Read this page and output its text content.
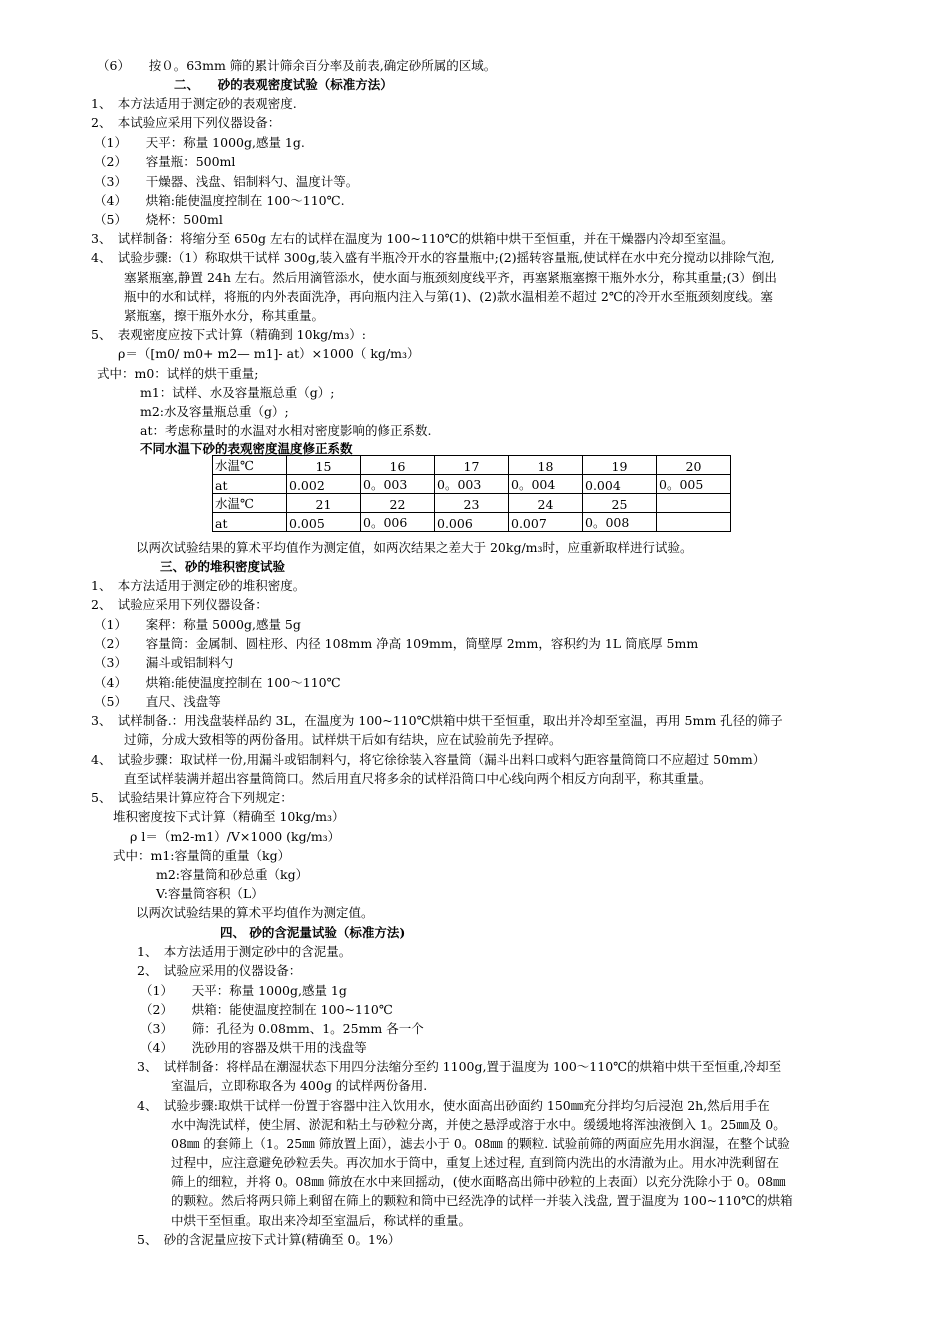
（6）　　按０。63mm 筛的累计筛余百分率及前表,确定砂所属的区域。
二、　　砂的表观密度试验（标准方法）
1、　本方法适用于测定砂的表观密度.
2、　本试验应采用下列仪器设备：
（1）　　天平：称量 1000g,感量 1g.
（2）　　容量瓶：500ml
（3）　　干燥器、浅盘、铝制料勺、温度计等。
（4）　　烘箱:能使温度控制在 100～110℃.
（5）　　烧杯：500ml
3、　试样制备：将缩分至 650g 左右的试样在温度为 100~110℃的烘箱中烘干至恒重，并在干燥器内冷却至室温。
4、　试验步骤:（1）称取烘干试样 300g,装入盛有半瓶冷开水的容量瓶中;(2)摇转容量瓶,使试样在水中充分搅动以排除气泡,
塞紧瓶塞,静置 24h 左右。然后用滴管添水，使水面与瓶颈刻度线平齐，再塞紧瓶塞擦干瓶外水分，称其重量;(3）倒出
瓶中的水和试样，将瓶的内外表面洗净，再向瓶内注入与第(1)、(2)款水温相差不超过 2℃的冷开水至瓶颈刻度线。塞
紧瓶塞，擦干瓶外水分，称其重量。
5、　表观密度应按下式计算（精确到 10kg/m₃）:
ρ＝（[m0/ m0+ m2— m1]- at）×1000（ kg/m₃）
式中：m0：试样的烘干重量;
m1：试样、水及容量瓶总重（g）;
m2:水及容量瓶总重（g）;
at：考虑称量时的水温对水相对密度影响的修正系数.
不同水温下砂的表观密度温度修正系数
水温℃	15	16	17	18	19	20
at	0.002	0。003	0。003	0。004	0.004	0。005
水温℃	21	22	23	24	25	
at	0.005	0。006	0.006	0.007	0。008	
以两次试验结果的算术平均值作为测定值，如两次结果之差大于 20kg/m₃时，应重新取样进行试验。
三、砂的堆积密度试验
1、　本方法适用于测定砂的堆积密度。
2、　试验应采用下列仪器设备：
（1）　　案秤：称量 5000g,感量 5g
（2）　　容量筒：金属制、圆柱形、内径 108mm 净高 109mm，筒壁厚 2mm，容积约为 1L 筒底厚 5mm
（3）　　漏斗或铝制料勺
（4）　　烘箱:能使温度控制在 100～110℃
（5）　　直尺、浅盘等
3、　试样制备.：用浅盘装样品约 3L，在温度为 100~110℃烘箱中烘干至恒重，取出并冷却至室温，再用 5mm 孔径的筛子
过筛，分成大致相等的两份备用。试样烘干后如有结块，应在试验前先予捏碎。
4、　试验步骤：取试样一份,用漏斗或铝制料勺，将它徐徐装入容量筒（漏斗出料口或料勺距容量筒筒口不应超过 50mm）
直至试样装满并超出容量筒筒口。然后用直尺将多余的试样沿筒口中心线向两个相反方向刮平，称其重量。
5、　试验结果计算应符合下列规定：
堆积密度按下式计算（精确至 10kg/m₃）
ρ l＝（m2-m1）/V×1000 (kg/m₃）
式中：m1:容量筒的重量（kg）
m2:容量筒和砂总重（kg）
V:容量筒容积（L）
以两次试验结果的算术平均值作为测定值。
四、 砂的含泥量试验（标准方法)
1、　本方法适用于测定砂中的含泥量。
2、　试验应采用的仪器设备：
（1）　　天平：称量 1000g,感量 1g
（2）　　烘箱：能使温度控制在 100~110℃
（3）　　筛：孔径为 0.08mm、1。25mm 各一个
（4）　　洗砂用的容器及烘干用的浅盘等
3、　试样制备：将样品在潮湿状态下用四分法缩分至约 1100g,置于温度为 100～110℃的烘箱中烘干至恒重,冷却至
室温后，立即称取各为 400g 的试样两份备用.
4、　试验步骤:取烘干试样一份置于容器中注入饮用水，使水面高出砂面约 150㎜充分拌均匀后浸泡 2h,然后用手在
水中淘洗试样，使尘屑、淤泥和粘土与砂粒分离，并使之悬浮或溶于水中。缓缓地将浑浊液倒入 1。25㎜及 0。
08㎜ 的套筛上（1。25㎜ 筛放置上面），滤去小于 0。08㎜ 的颗粒. 试验前筛的两面应先用水润湿，在整个试验
过程中，应注意避免砂粒丢失。再次加水于筒中，重复上述过程, 直到筒内洗出的水清澈为止。用水冲洗剩留在
筛上的细粒，并将 0。08㎜ 筛放在水中来回摇动，(使水面略高出筛中砂粒的上表面）以充分洗除小于 0。08㎜
的颗粒。然后将两只筛上剩留在筛上的颗粒和筒中已经洗净的试样一并装入浅盘, 置于温度为 100~110℃的烘箱
中烘干至恒重。取出来冷却至室温后，称试样的重量。
5、　砂的含泥量应按下式计算(精确至 0。1%）
